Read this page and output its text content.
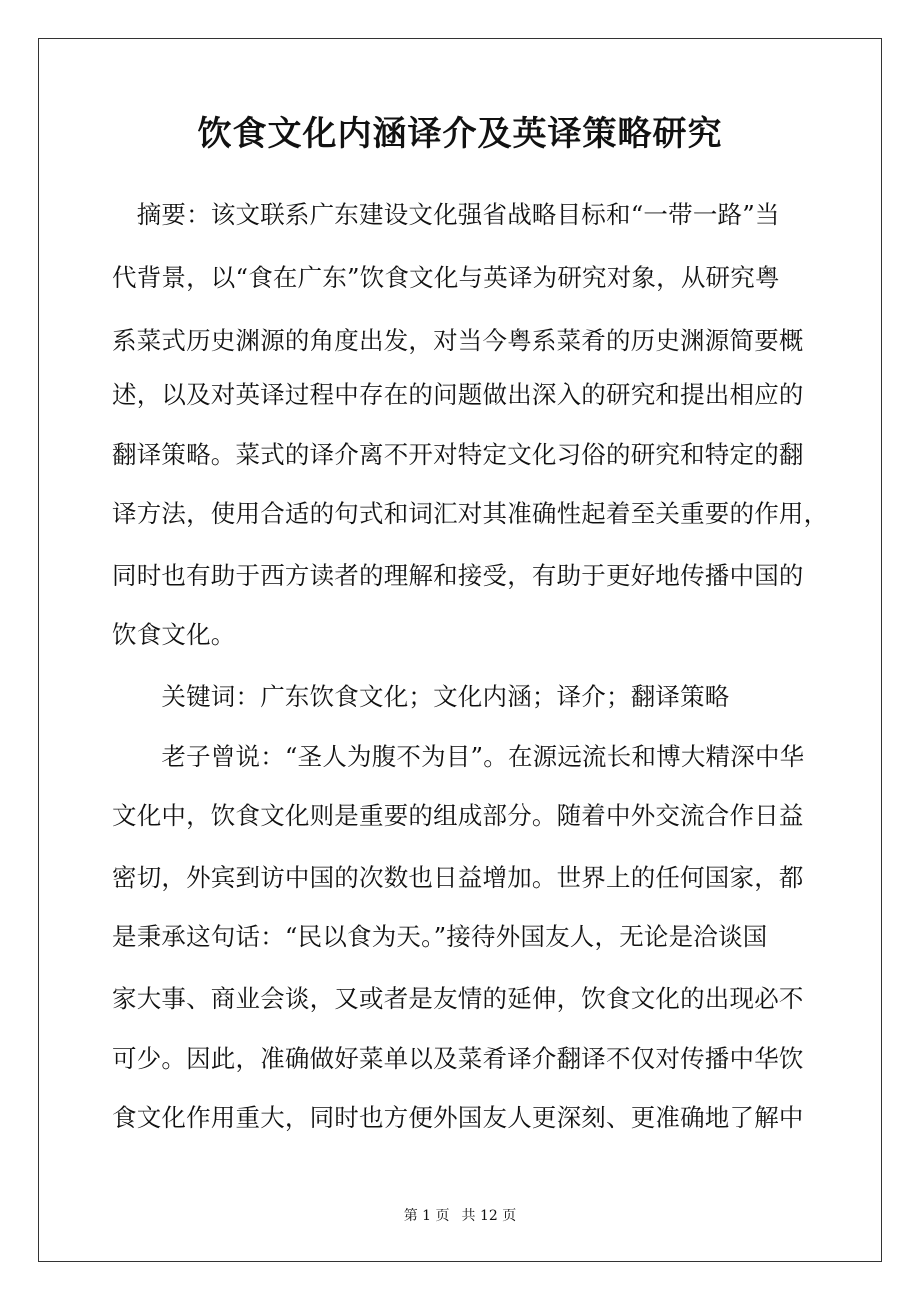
饮食文化内涵译介及英译策略研究
　摘要：该文联系广东建设文化强省战略目标和“一带一路”当
代背景，以“食在广东”饮食文化与英译为研究对象，从研究粤
系菜式历史渊源的角度出发，对当今粤系菜肴的历史渊源简要概
述，以及对英译过程中存在的问题做出深入的研究和提出相应的
翻译策略。菜式的译介离不开对特定文化习俗的研究和特定的翻
译方法，使用合适的句式和词汇对其准确性起着至关重要的作用，
同时也有助于西方读者的理解和接受，有助于更好地传播中国的
饮食文化。
　　关键词：广东饮食文化；文化内涵；译介；翻译策略
　　老子曾说：“圣人为腹不为目”。在源远流长和博大精深中华
文化中，饮食文化则是重要的组成部分。随着中外交流合作日益
密切，外宾到访中国的次数也日益增加。世界上的任何国家，都
是秉承这句话：“民以食为天。”接待外国友人，无论是洽谈国
家大事、商业会谈，又或者是友情的延伸，饮食文化的出现必不
可少。因此，准确做好菜单以及菜肴译介翻译不仅对传播中华饮
食文化作用重大，同时也方便外国友人更深刻、更准确地了解中
第 1 页 共 12 页
